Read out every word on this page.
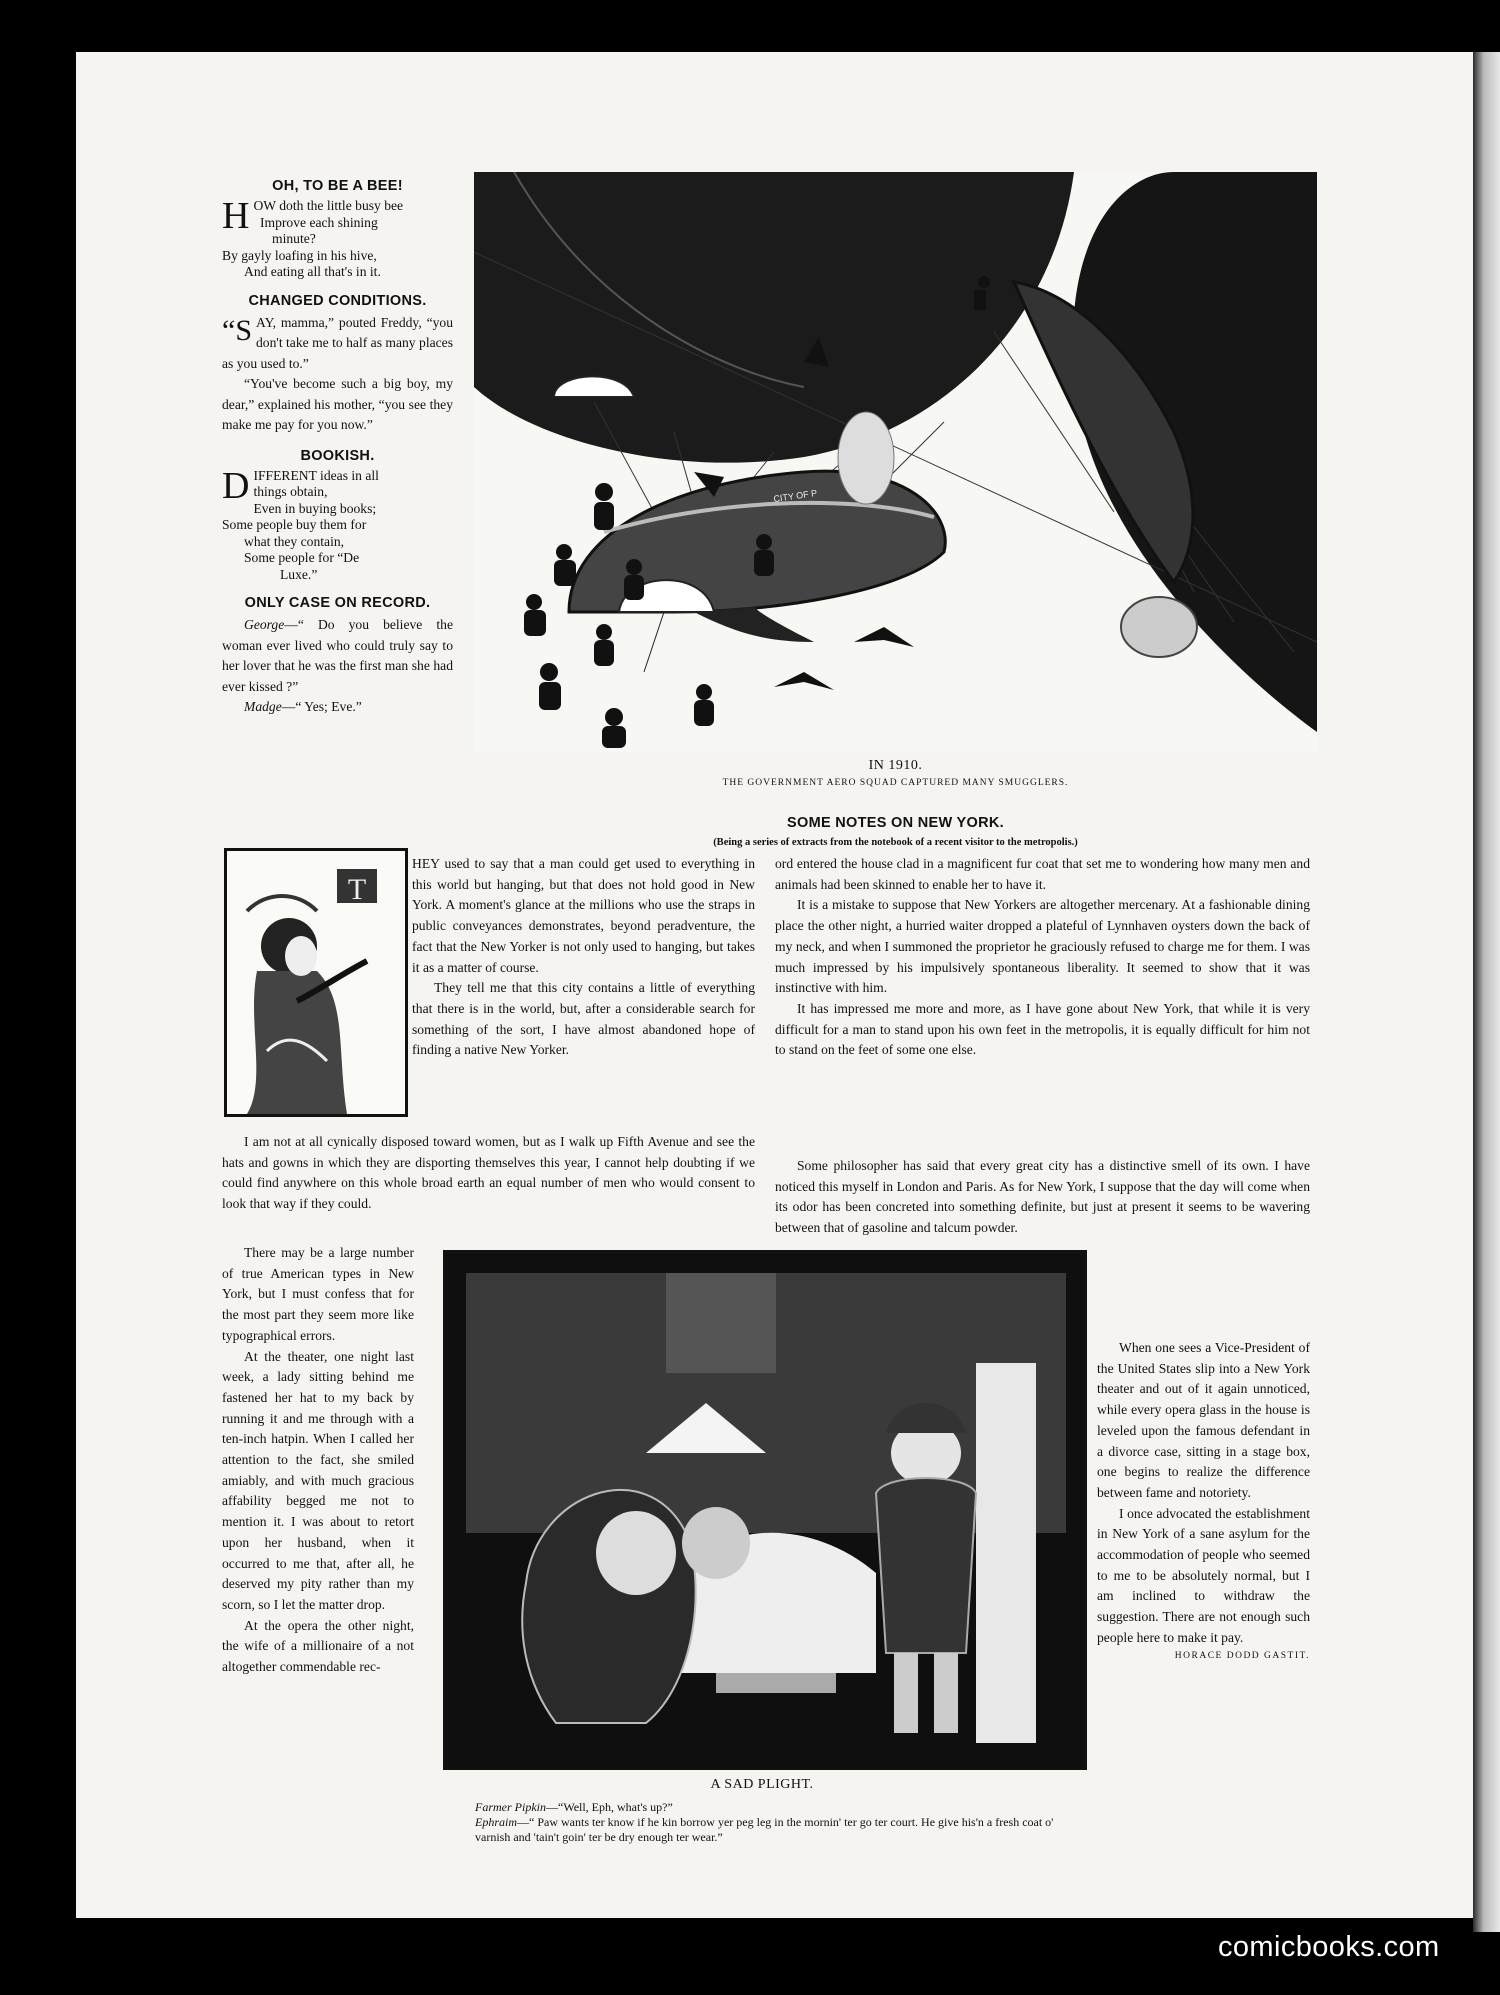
OH, TO BE A BEE!
H OW doth the little busy bee
Improve each shining
minute?
By gayly loafing in his hive,
And eating all that's in it.
CHANGED CONDITIONS.

“SAY, mamma,” pouted Freddy, “you don't take me to half as many places as you used to.”

“You've become such a big boy, my dear,” explained his mother, “you see they make me pay for you now.”

BOOKISH.
D IFFERENT ideas in all
things obtain,
Even in buying books;
Some people buy them for
what they contain,
Some people for “De
Luxe.”
ONLY CASE ON RECORD.

George—“ Do you believe the woman ever lived who could truly say to her lover that he was the first man she had ever kissed ?”

Madge—“ Yes; Eve.”

CITY OF P
IN 1910.
THE GOVERNMENT AERO SQUAD CAPTURED MANY SMUGGLERS.
SOME NOTES ON NEW YORK.
(Being a series of extracts from the notebook of a recent visitor to the metropolis.)
T

HEY used to say that a man could get used to everything in this world but hanging, but that does not hold good in New York. A moment's glance at the millions who use the straps in public conveyances demonstrates, beyond peradventure, the fact that the New Yorker is not only used to hanging, but takes it as a matter of course.

They tell me that this city contains a little of everything that there is in the world, but, after a considerable search for something of the sort, I have almost abandoned hope of finding a native New Yorker.

I am not at all cynically disposed toward women, but as I walk up Fifth Avenue and see the hats and gowns in which they are disporting themselves this year, I cannot help doubting if we could find anywhere on this whole broad earth an equal number of men who would consent to look that way if they could.

There may be a large number of true American types in New York, but I must confess that for the most part they seem more like typographical errors.

At the theater, one night last week, a lady sitting behind me fastened her hat to my back by running it and me through with a ten-inch hatpin. When I called her attention to the fact, she smiled amiably, and with much gracious affability begged me not to mention it. I was about to retort upon her husband, when it occurred to me that, after all, he deserved my pity rather than my scorn, so I let the matter drop.

At the opera the other night, the wife of a millionaire of a not altogether commendable rec-

ord entered the house clad in a magnificent fur coat that set me to wondering how many men and animals had been skinned to enable her to have it.

It is a mistake to suppose that New Yorkers are altogether mercenary. At a fashionable dining place the other night, a hurried waiter dropped a plateful of Lynnhaven oysters down the back of my neck, and when I summoned the proprietor he graciously refused to charge me for them. I was much impressed by his impulsively spontaneous liberality. It seemed to show that it was instinctive with him.

It has impressed me more and more, as I have gone about New York, that while it is very difficult for a man to stand upon his own feet in the metropolis, it is equally difficult for him not to stand on the feet of some one else.

Some philosopher has said that every great city has a distinctive smell of its own. I have noticed this myself in London and Paris. As for New York, I suppose that the day will come when its odor has been concreted into something definite, but just at present it seems to be wavering between that of gasoline and talcum powder.

When one sees a Vice-President of the United States slip into a New York theater and out of it again unnoticed, while every opera glass in the house is leveled upon the famous defendant in a divorce case, sitting in a stage box, one begins to realize the difference between fame and notoriety.

I once advocated the establishment in New York of a sane asylum for the accommodation of people who seemed to me to be absolutely normal, but I am inclined to withdraw the suggestion. There are not enough such people here to make it pay.

HORACE DODD GASTIT.
A SAD PLIGHT.
Farmer Pipkin—“Well, Eph, what's up?”
Ephraim—“ Paw wants ter know if he kin borrow yer peg leg in the mornin' ter go ter court. He give his'n a fresh coat o' varnish and 'tain't goin' ter be dry enough ter wear.”
comicbooks.com
